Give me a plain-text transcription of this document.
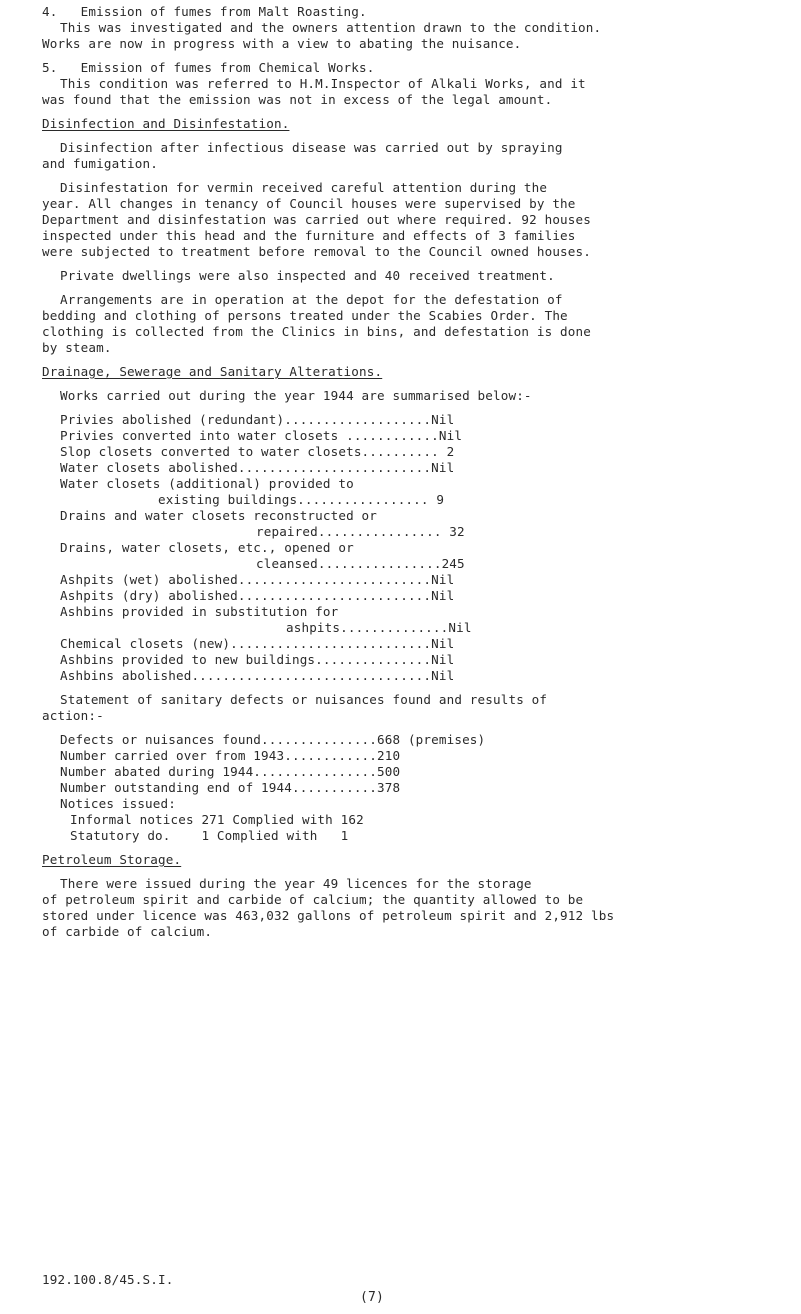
4.   Emission of fumes from Malt Roasting.
This was investigated and the owners attention drawn to the condition.
Works are now in progress with a view to abating the nuisance.
5.   Emission of fumes from Chemical Works.
This condition was referred to H.M.Inspector of Alkali Works, and it
was found that the emission was not in excess of the legal amount.
Disinfection and Disinfestation.
Disinfection after infectious disease was carried out by spraying
and fumigation.
Disinfestation for vermin received careful attention during the
year. All changes in tenancy of Council houses were supervised by the
Department and disinfestation was carried out where required. 92 houses
inspected under this head and the furniture and effects of 3 families
were subjected to treatment before removal to the Council owned houses.
Private dwellings were also inspected and 40 received treatment.
Arrangements are in operation at the depot for the defestation of
bedding and clothing of persons treated under the Scabies Order. The
clothing is collected from the Clinics in bins, and defestation is done
by steam.
Drainage, Sewerage and Sanitary Alterations.
Works carried out during the year 1944 are summarised below:-
Privies abolished (redundant)...................Nil
Privies converted into water closets ............Nil
Slop closets converted to water closets.......... 2
Water closets abolished.........................Nil
Water closets (additional) provided to
existing buildings................. 9
Drains and water closets reconstructed or
repaired................ 32
Drains, water closets, etc., opened or
cleansed................245
Ashpits (wet) abolished.........................Nil
Ashpits (dry) abolished.........................Nil
Ashbins provided in substitution for
ashpits..............Nil
Chemical closets (new)..........................Nil
Ashbins provided to new buildings...............Nil
Ashbins abolished...............................Nil
Statement of sanitary defects or nuisances found and results of
action:-
Defects or nuisances found...............668 (premises)
Number carried over from 1943............210
Number abated during 1944................500
Number outstanding end of 1944...........378
Notices issued:
Informal notices 271 Complied with 162
Statutory do.    1 Complied with   1
Petroleum Storage.
There were issued during the year 49 licences for the storage
of petroleum spirit and carbide of calcium; the quantity allowed to be
stored under licence was 463,032 gallons of petroleum spirit and 2,912 lbs
of carbide of calcium.
192.100.8/45.S.I.
(7)
